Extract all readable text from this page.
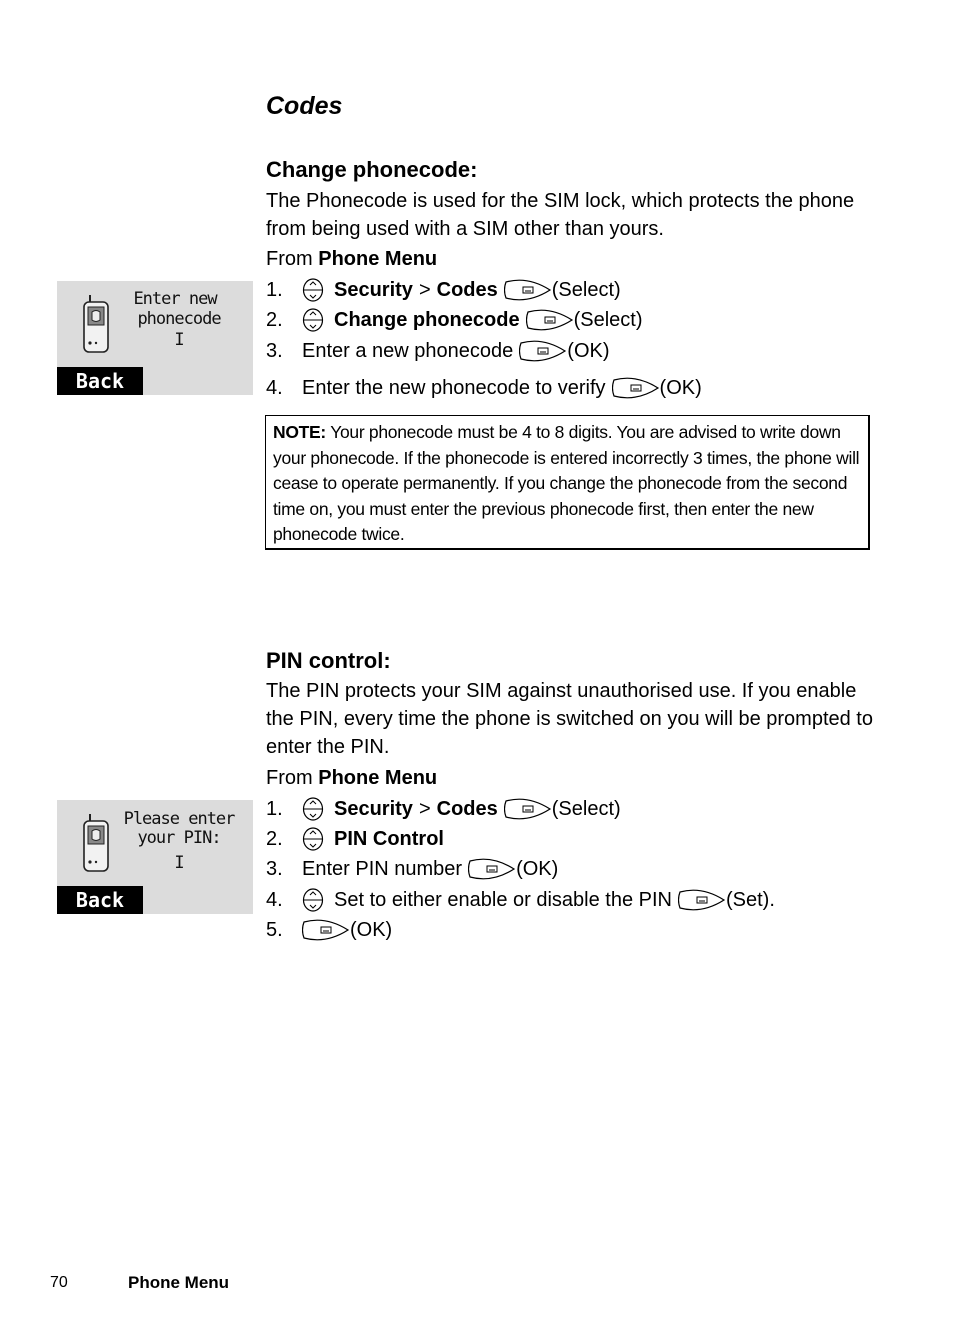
Codes
Change phonecode:
The Phonecode is used for the SIM lock, which protects the phone from being used with a SIM other than yours.
From Phone Menu
Enter new
phonecode
I
Back
1.	Security > Codes	(Select)
2.	Change phonecode	(Select)
3. Enter a new phonecode	(OK)
4. Enter the new phonecode to verify	(OK)
NOTE: Your phonecode must be 4 to 8 digits. You are advised to write down your phonecode. If the phonecode is entered incorrectly 3 times, the phone will cease to operate permanently. If you change the phonecode from the second time on, you must enter the previous phonecode first, then enter the new phonecode twice.
PIN control:
The PIN protects your SIM against unauthorised use. If you enable the PIN, every time the phone is switched on you will be prompted to enter the PIN.
From Phone Menu
Please enter
your PIN:
I
Back
1.	Security > Codes	(Select)
2.	PIN Control
3. Enter PIN number	(OK)
4.	Set to either enable or disable the PIN	(Set).
5.	(OK)
70	Phone Menu
